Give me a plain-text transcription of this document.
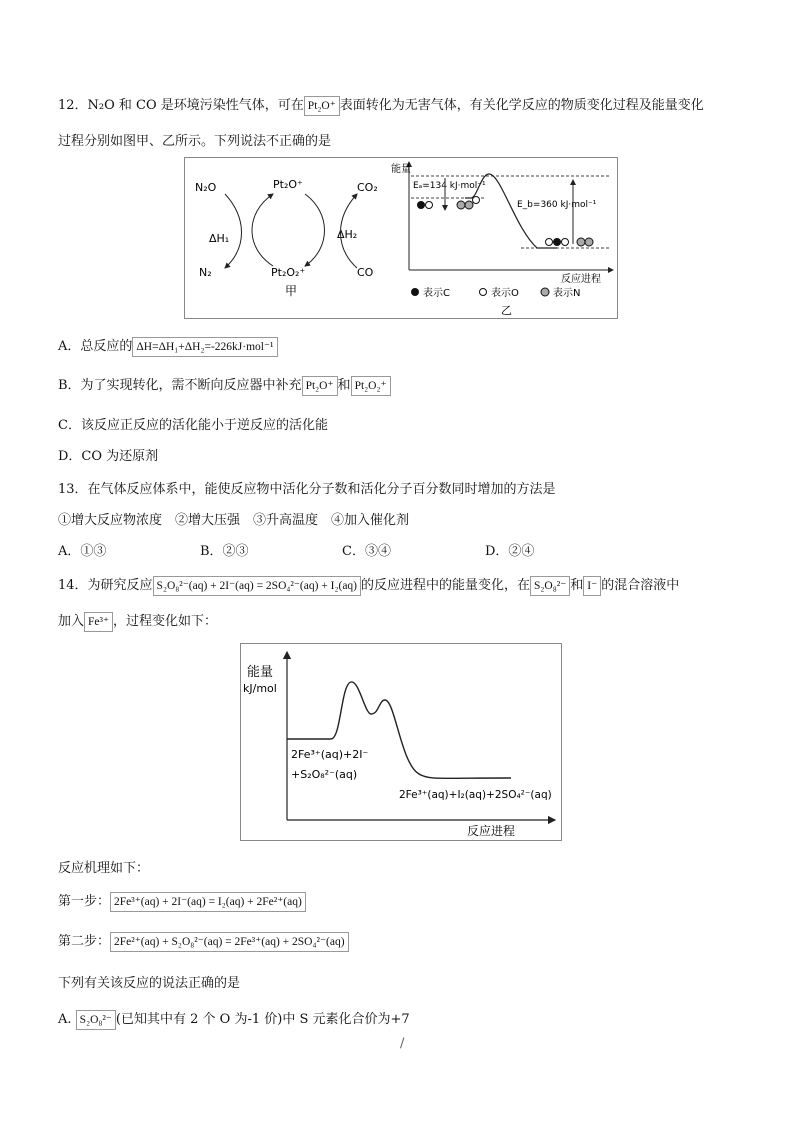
12．N₂O 和 CO 是环境污染性气体，可在 Pt₂O⁺ 表面转化为无害气体，有关化学反应的物质变化过程及能量变化
过程分别如图甲、乙所示。下列说法不正确的是
N₂O	Pt₂O⁺	CO₂
ΔH₁	ΔH₂
N₂	Pt₂O₂⁺	CO
甲
能量
Eₐ=134 kJ·mol⁻¹
E_b=360 kJ·mol⁻¹
反应进程
表示C	表示O	表示N
乙
A．总反应的 ΔH=ΔH₁+ΔH₂=-226kJ·mol⁻¹
B．为了实现转化，需不断向反应器中补充 Pt₂O⁺ 和 Pt₂O₂⁺
C．该反应正反应的活化能小于逆反应的活化能
D．CO 为还原剂
13．在气体反应体系中，能使反应物中活化分子数和活化分子百分数同时增加的方法是
①增大反应物浓度　②增大压强　③升高温度　④加入催化剂
A．①③	B．②③	C．③④	D．②④
14．为研究反应 S₂O₈²⁻(aq) + 2I⁻(aq) = 2SO₄²⁻(aq) + I₂(aq) 的反应进程中的能量变化，在 S₂O₈²⁻ 和 I⁻ 的混合溶液中
加入 Fe³⁺ ，过程变化如下：
能量
kJ/mol
2Fe³⁺(aq)+2I⁻
+S₂O₈²⁻(aq)
2Fe³⁺(aq)+I₂(aq)+2SO₄²⁻(aq)
反应进程
反应机理如下：
第一步： 2Fe³⁺(aq) + 2I⁻(aq) = I₂(aq) + 2Fe²⁺(aq)
第二步： 2Fe²⁺(aq) + S₂O₈²⁻(aq) = 2Fe³⁺(aq) + 2SO₄²⁻(aq)
下列有关该反应的说法正确的是
A. S₂O₈²⁻ (已知其中有 2 个 O 为-1 价)中 S 元素化合价为+7
/
